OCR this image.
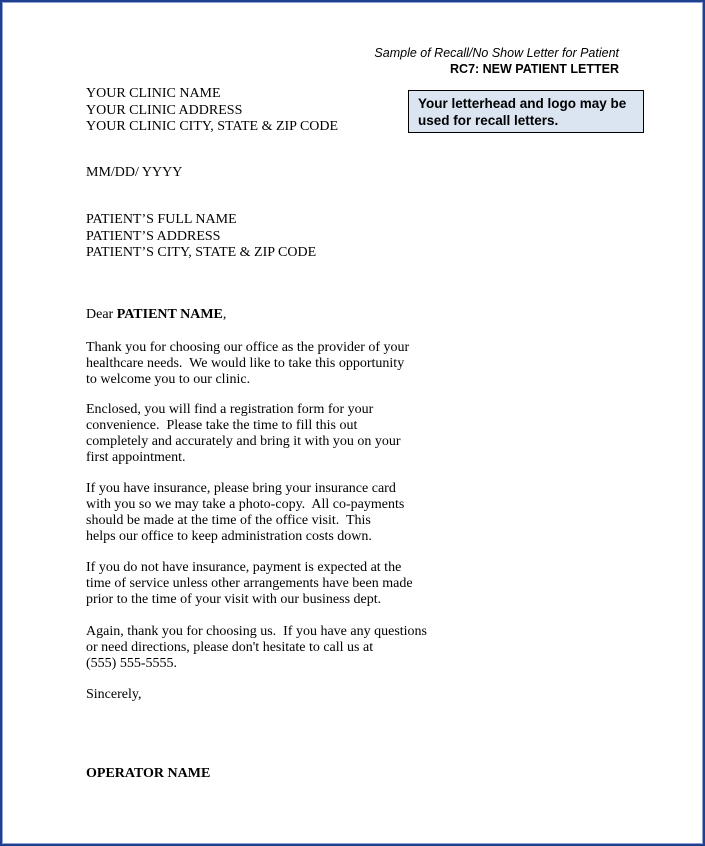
Sample of Recall/No Show Letter for Patient
RC7: NEW PATIENT LETTER
Your letterhead and logo may be used for recall letters.
YOUR CLINIC NAME
YOUR CLINIC ADDRESS
YOUR CLINIC CITY, STATE & ZIP CODE
MM/DD/ YYYY
PATIENT’S FULL NAME
PATIENT’S ADDRESS
PATIENT’S CITY, STATE & ZIP CODE
Dear PATIENT NAME,
Thank you for choosing our office as the provider of your
healthcare needs.  We would like to take this opportunity
to welcome you to our clinic.
Enclosed, you will find a registration form for your
convenience.  Please take the time to fill this out
completely and accurately and bring it with you on your
first appointment.
If you have insurance, please bring your insurance card
with you so we may take a photo-copy.  All co-payments
should be made at the time of the office visit.  This
helps our office to keep administration costs down.
If you do not have insurance, payment is expected at the
time of service unless other arrangements have been made
prior to the time of your visit with our business dept.
Again, thank you for choosing us.  If you have any questions
or need directions, please don't hesitate to call us at
(555) 555-5555.
Sincerely,
OPERATOR NAME
